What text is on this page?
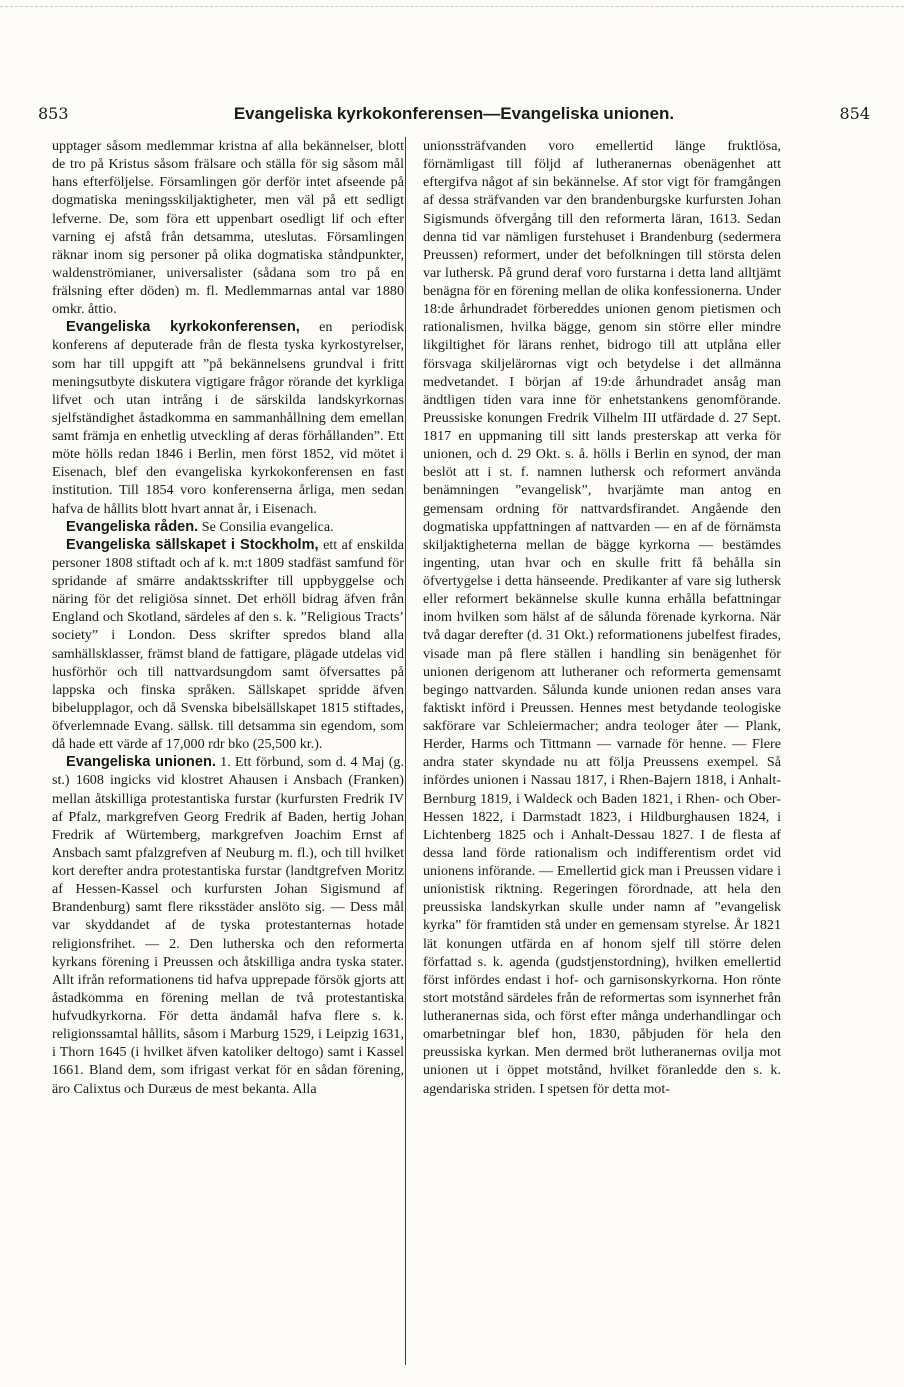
853	Evangeliska kyrkokonferensen—Evangeliska unionen.	854

upptager såsom medlemmar kristna af alla bekännelser, blott de tro på Kristus såsom frälsare och ställa för sig såsom mål hans efterföljelse. Församlingen gör derför intet afseende på dogmatiska meningsskiljaktigheter, men väl på ett sedligt lefverne. De, som föra ett uppenbart osedligt lif och efter varning ej afstå från detsamma, uteslutas. Församlingen räknar inom sig personer på olika dogmatiska ståndpunkter, waldenströmianer, universalister (sådana som tro på en frälsning efter döden) m. fl. Medlemmarnas antal var 1880 omkr. åttio.

Evangeliska kyrkokonferensen, en periodisk konferens af deputerade från de flesta tyska kyrkostyrelser, som har till uppgift att ”på bekännelsens grundval i fritt meningsutbyte diskutera vigtigare frågor rörande det kyrkliga lifvet och utan intrång i de särskilda landskyrkornas sjelfständighet åstadkomma en sammanhållning dem emellan samt främja en enhetlig utveckling af deras förhållanden”. Ett möte hölls redan 1846 i Berlin, men först 1852, vid mötet i Eisenach, blef den evangeliska kyrkokonferensen en fast institution. Till 1854 voro konferenserna årliga, men sedan hafva de hållits blott hvart annat år, i Eisenach.

Evangeliska råden. Se Consilia evangelica.

Evangeliska sällskapet i Stockholm, ett af enskilda personer 1808 stiftadt och af k. m:t 1809 stadfäst samfund för spridande af smärre andaktsskrifter till uppbyggelse och näring för det religiösa sinnet. Det erhöll bidrag äfven från England och Skotland, särdeles af den s. k. ”Religious Tracts’ society” i London. Dess skrifter spredos bland alla samhällsklasser, främst bland de fattigare, plägade utdelas vid husförhör och till nattvardsungdom samt öfversattes på lappska och finska språken. Sällskapet spridde äfven bibelupplagor, och då Svenska bibelsällskapet 1815 stiftades, öfverlemnade Evang. sällsk. till detsamma sin egendom, som då hade ett värde af 17,000 rdr bko (25,500 kr.).

Evangeliska unionen. 1. Ett förbund, som d. 4 Maj (g. st.) 1608 ingicks vid klostret Ahausen i Ansbach (Franken) mellan åtskilliga protestantiska furstar (kurfursten Fredrik IV af Pfalz, markgrefven Georg Fredrik af Baden, hertig Johan Fredrik af Würtemberg, markgrefven Joachim Ernst af Ansbach samt pfalzgrefven af Neuburg m. fl.), och till hvilket kort derefter andra protestantiska furstar (landtgrefven Moritz af Hessen-Kassel och kurfursten Johan Sigismund af Brandenburg) samt flere riksstäder anslöto sig. — Dess mål var skyddandet af de tyska protestanternas hotade religionsfrihet. — 2. Den lutherska och den reformerta kyrkans förening i Preussen och åtskilliga andra tyska stater. Allt ifrån reformationens tid hafva upprepade försök gjorts att åstadkomma en förening mellan de två protestantiska hufvudkyrkorna. För detta ändamål hafva flere s. k. religionssamtal hållits, såsom i Marburg 1529, i Leipzig 1631, i Thorn 1645 (i hvilket äfven katoliker deltogo) samt i Kassel 1661. Bland dem, som ifrigast verkat för en sådan förening, äro Calixtus och Duræus de mest bekanta. Alla

unionssträfvanden voro emellertid länge fruktlösa, förnämligast till följd af lutheranernas obenägenhet att eftergifva något af sin bekännelse. Af stor vigt för framgången af dessa sträfvanden var den brandenburgske kurfursten Johan Sigismunds öfvergång till den reformerta läran, 1613. Sedan denna tid var nämligen furstehuset i Brandenburg (sedermera Preussen) reformert, under det befolkningen till största delen var luthersk. På grund deraf voro furstarna i detta land alltjämt benägna för en förening mellan de olika konfessionerna. Under 18:de århundradet förbereddes unionen genom pietismen och rationalismen, hvilka bägge, genom sin större eller mindre likgiltighet för lärans renhet, bidrogo till att utplåna eller försvaga skiljelärornas vigt och betydelse i det allmänna medvetandet. I början af 19:de århundradet ansåg man ändtligen tiden vara inne för enhetstankens genomförande. Preussiske konungen Fredrik Vilhelm III utfärdade d. 27 Sept. 1817 en uppmaning till sitt lands presterskap att verka för unionen, och d. 29 Okt. s. å. hölls i Berlin en synod, der man beslöt att i st. f. namnen luthersk och reformert använda benämningen ”evangelisk”, hvarjämte man antog en gemensam ordning för nattvardsfirandet. Angående den dogmatiska uppfattningen af nattvarden — en af de förnämsta skiljaktigheterna mellan de bägge kyrkorna — bestämdes ingenting, utan hvar och en skulle fritt få behålla sin öfvertygelse i detta hänseende. Predikanter af vare sig luthersk eller reformert bekännelse skulle kunna erhålla befattningar inom hvilken som hälst af de sålunda förenade kyrkorna. När två dagar derefter (d. 31 Okt.) reformationens jubelfest firades, visade man på flere ställen i handling sin benägenhet för unionen derigenom att lutheraner och reformerta gemensamt begingo nattvarden. Sålunda kunde unionen redan anses vara faktiskt införd i Preussen. Hennes mest betydande teologiske sakförare var Schleiermacher; andra teologer åter — Plank, Herder, Harms och Tittmann — varnade för henne. — Flere andra stater skyndade nu att följa Preussens exempel. Så infördes unionen i Nassau 1817, i Rhen-Bajern 1818, i Anhalt-Bernburg 1819, i Waldeck och Baden 1821, i Rhen- och Ober-Hessen 1822, i Darmstadt 1823, i Hildburghausen 1824, i Lichtenberg 1825 och i Anhalt-Dessau 1827. I de flesta af dessa land förde rationalism och indifferentism ordet vid unionens införande. — Emellertid gick man i Preussen vidare i unionistisk riktning. Regeringen förordnade, att hela den preussiska landskyrkan skulle under namn af ”evangelisk kyrka” för framtiden stå under en gemensam styrelse. År 1821 lät konungen utfärda en af honom sjelf till större delen författad s. k. agenda (gudstjenstordning), hvilken emellertid först infördes endast i hof- och garnisonskyrkorna. Hon rönte stort motstånd särdeles från de reformertas som isynnerhet från lutheranernas sida, och först efter många underhandlingar och omarbetningar blef hon, 1830, påbjuden för hela den preussiska kyrkan. Men dermed bröt lutheranernas ovilja mot unionen ut i öppet motstånd, hvilket föranledde den s. k. agendariska striden. I spetsen för detta mot-
